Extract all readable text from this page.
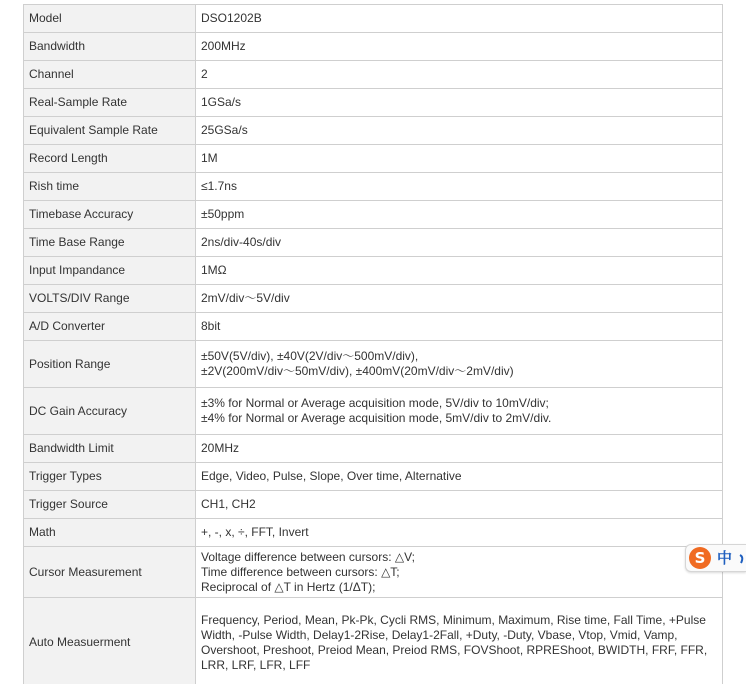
Model	DSO1202B
Bandwidth	200MHz
Channel	2
Real-Sample Rate	1GSa/s
Equivalent Sample Rate	25GSa/s
Record Length	1M
Rish time	≤1.7ns
Timebase Accuracy	±50ppm
Time Base Range	2ns/div-40s/div
Input Impandance	1MΩ
VOLTS/DIV Range	2mV/div～5V/div
A/D Converter	8bit
Position Range	±50V(5V/div), ±40V(2V/div～500mV/div),
±2V(200mV/div～50mV/div), ±400mV(20mV/div～2mV/div)
DC Gain Accuracy	±3% for Normal or Average acquisition mode, 5V/div to 10mV/div;
±4% for Normal or Average acquisition mode, 5mV/div to 2mV/div.
Bandwidth Limit	20MHz
Trigger Types	Edge, Video, Pulse, Slope, Over time, Alternative
Trigger Source	CH1, CH2
Math	+, -, x, ÷, FFT, Invert
Cursor Measurement	Voltage difference between cursors: △V;
Time difference between cursors: △T;
Reciprocal of △T in Hertz (1/ΔT);
Auto Measuerment	Frequency, Period, Mean, Pk-Pk, Cycli RMS, Minimum, Maximum, Rise time, Fall Time, +Pulse
Width, -Pulse Width, Delay1-2Rise, Delay1-2Fall, +Duty, -Duty, Vbase, Vtop, Vmid, Vamp,
Overshoot, Preshoot, Preiod Mean, Preiod RMS, FOVShoot, RPREShoot, BWIDTH, FRF, FFR,
LRR, LRF, LFR, LFF
S 中
